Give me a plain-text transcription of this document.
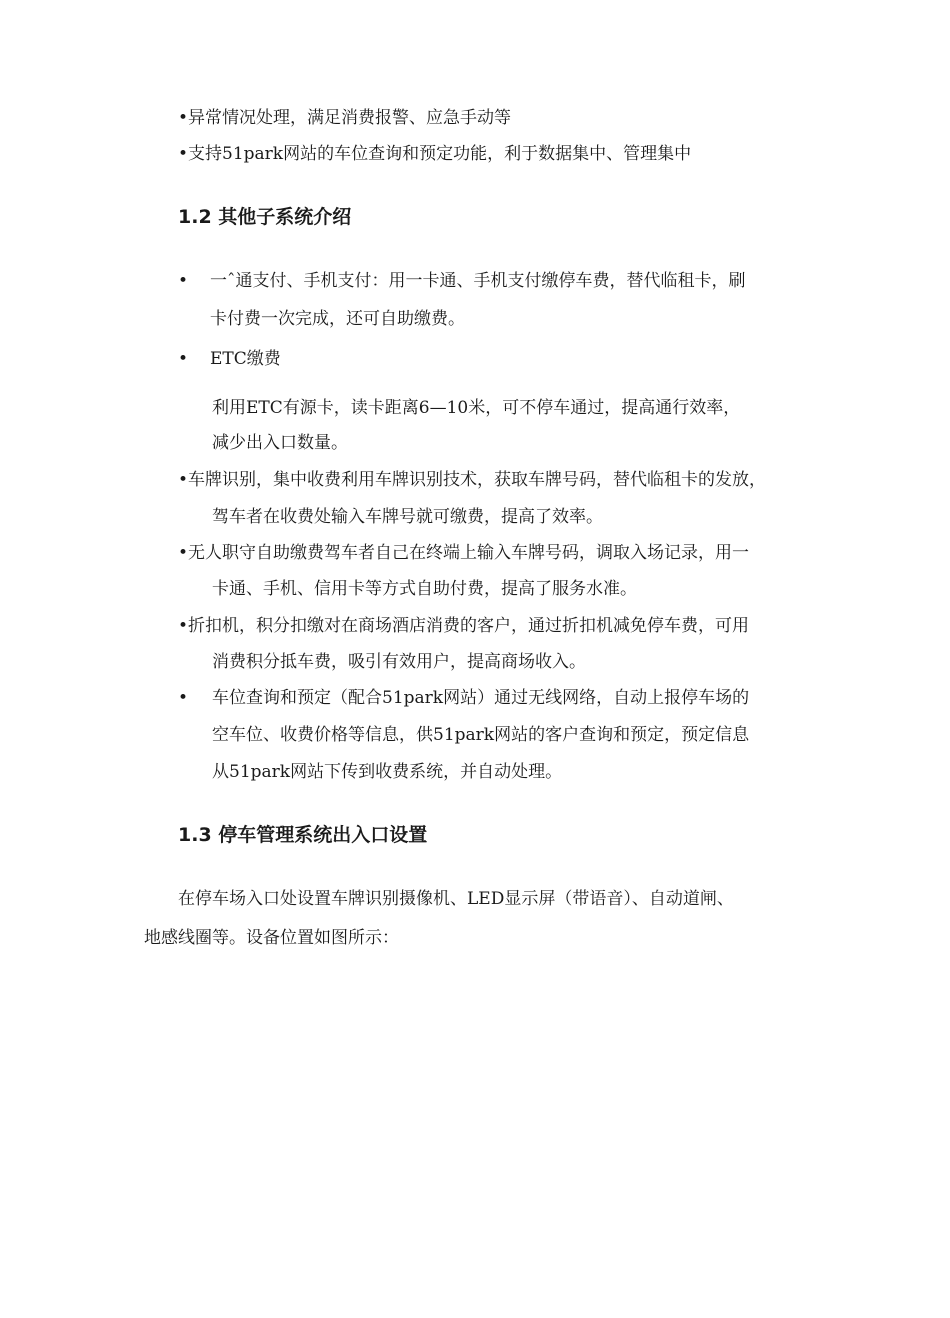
•异常情况处理，满足消费报警、应急手动等
•支持51park网站的车位查询和预定功能，利于数据集中、管理集中
1.2 其他子系统介绍
• 一ˆ通支付、手机支付：用一卡通、手机支付缴停车费，替代临租卡，刷
卡付费一次完成，还可自助缴费。
• ETC缴费
利用ETC有源卡，读卡距离6—10米，可不停车通过，提高通行效率，
减少出入口数量。
•车牌识别，集中收费利用车牌识别技术，获取车牌号码，替代临租卡的发放，
驾车者在收费处输入车牌号就可缴费，提高了效率。
•无人职守自助缴费驾车者自己在终端上输入车牌号码，调取入场记录，用一
卡通、手机、信用卡等方式自助付费，提高了服务水准。
•折扣机，积分扣缴对在商场酒店消费的客户，通过折扣机减免停车费，可用
消费积分抵车费，吸引有效用户，提高商场收入。
• 车位查询和预定（配合51park网站）通过无线网络，自动上报停车场的
空车位、收费价格等信息，供51park网站的客户查询和预定，预定信息
从51park网站下传到收费系统，并自动处理。
1.3 停车管理系统出入口设置
在停车场入口处设置车牌识别摄像机、LED显示屏（带语音）、自动道闸、
地感线圈等。设备位置如图所示：
